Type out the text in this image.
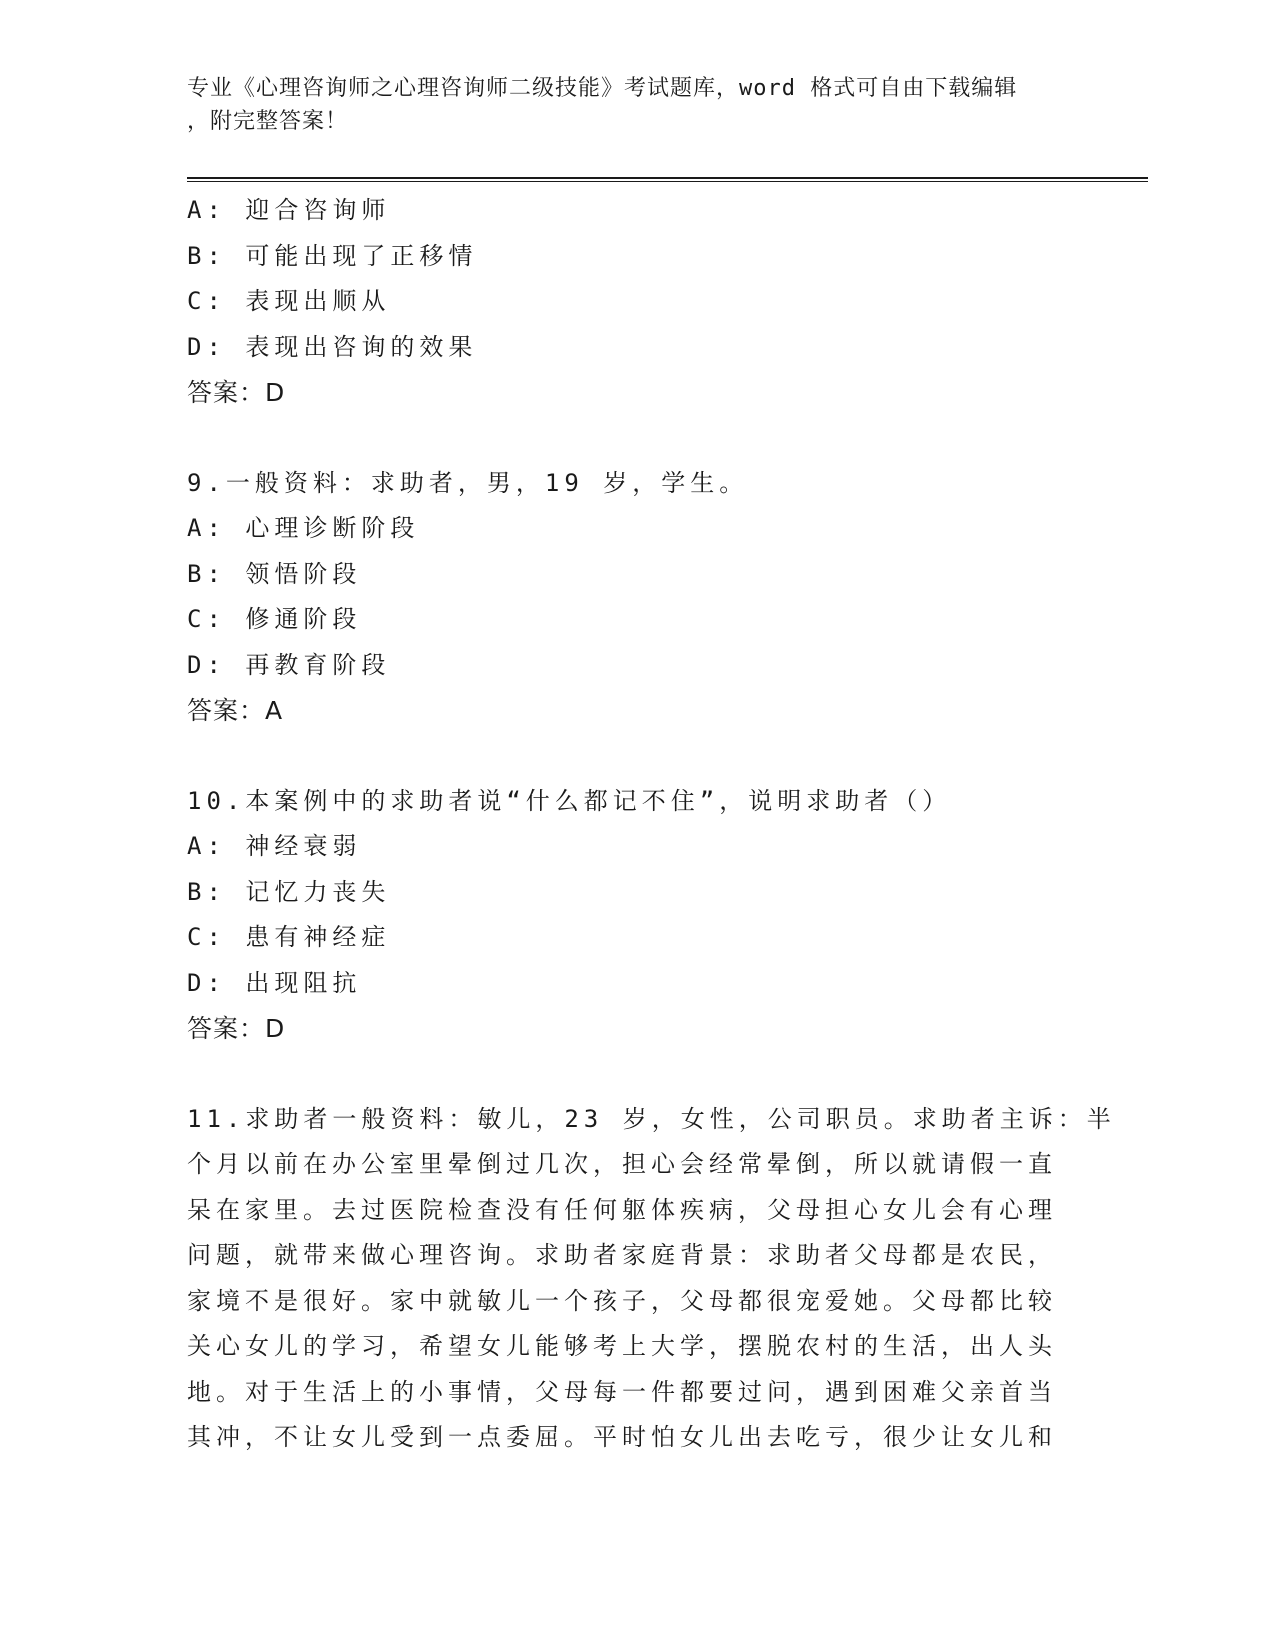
专业《心理咨询师之心理咨询师二级技能》考试题库，word 格式可自由下载编辑
，附完整答案！
A: 迎合咨询师
B: 可能出现了正移情
C: 表现出顺从
D: 表现出咨询的效果
答案：D
9.一般资料：求助者，男，19 岁，学生。
A: 心理诊断阶段
B: 领悟阶段
C: 修通阶段
D: 再教育阶段
答案：A
10.本案例中的求助者说“什么都记不住”，说明求助者（）
A: 神经衰弱
B: 记忆力丧失
C: 患有神经症
D: 出现阻抗
答案：D
11.求助者一般资料：敏儿，23 岁，女性，公司职员。求助者主诉：半
个月以前在办公室里晕倒过几次，担心会经常晕倒，所以就请假一直
呆在家里。去过医院检查没有任何躯体疾病，父母担心女儿会有心理
问题，就带来做心理咨询。求助者家庭背景：求助者父母都是农民，
家境不是很好。家中就敏儿一个孩子，父母都很宠爱她。父母都比较
关心女儿的学习，希望女儿能够考上大学，摆脱农村的生活，出人头
地。对于生活上的小事情，父母每一件都要过问，遇到困难父亲首当
其冲，不让女儿受到一点委屈。平时怕女儿出去吃亏，很少让女儿和
